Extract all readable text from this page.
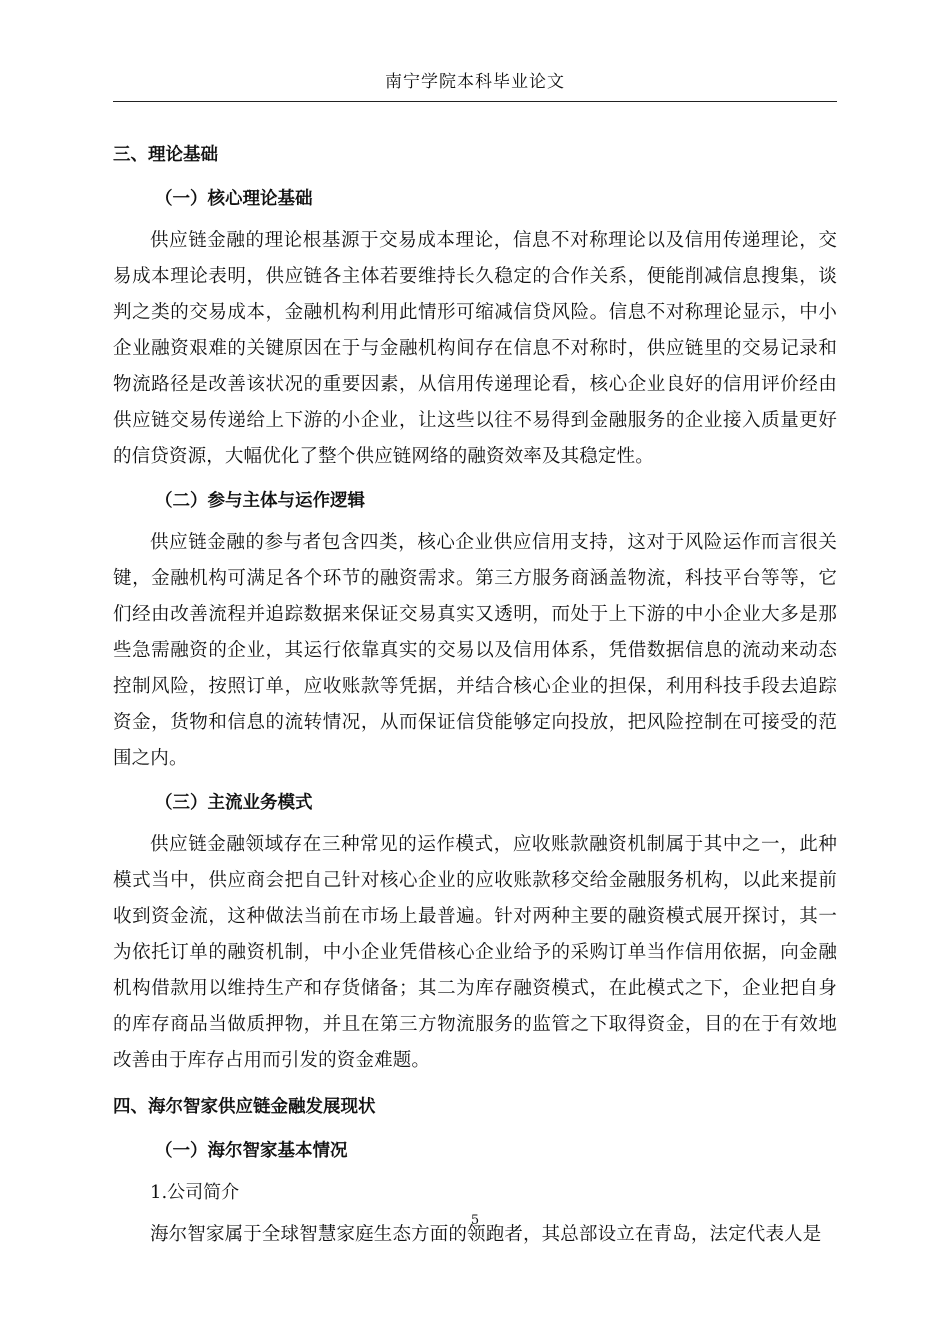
南宁学院本科毕业论文
三、理论基础
（一）核心理论基础

供应链金融的理论根基源于交易成本理论，信息不对称理论以及信用传递理论，交易成本理论表明，供应链各主体若要维持长久稳定的合作关系，便能削减信息搜集，谈判之类的交易成本，金融机构利用此情形可缩减信贷风险。信息不对称理论显示，中小企业融资艰难的关键原因在于与金融机构间存在信息不对称时，供应链里的交易记录和物流路径是改善该状况的重要因素，从信用传递理论看，核心企业良好的信用评价经由供应链交易传递给上下游的小企业，让这些以往不易得到金融服务的企业接入质量更好的信贷资源，大幅优化了整个供应链网络的融资效率及其稳定性。

（二）参与主体与运作逻辑

供应链金融的参与者包含四类，核心企业供应信用支持，这对于风险运作而言很关键，金融机构可满足各个环节的融资需求。第三方服务商涵盖物流，科技平台等等，它们经由改善流程并追踪数据来保证交易真实又透明，而处于上下游的中小企业大多是那些急需融资的企业，其运行依靠真实的交易以及信用体系，凭借数据信息的流动来动态控制风险，按照订单，应收账款等凭据，并结合核心企业的担保，利用科技手段去追踪资金，货物和信息的流转情况，从而保证信贷能够定向投放，把风险控制在可接受的范围之内。

（三）主流业务模式

供应链金融领域存在三种常见的运作模式，应收账款融资机制属于其中之一，此种模式当中，供应商会把自己针对核心企业的应收账款移交给金融服务机构，以此来提前收到资金流，这种做法当前在市场上最普遍。针对两种主要的融资模式展开探讨，其一为依托订单的融资机制，中小企业凭借核心企业给予的采购订单当作信用依据，向金融机构借款用以维持生产和存货储备；其二为库存融资模式，在此模式之下，企业把自身的库存商品当做质押物，并且在第三方物流服务的监管之下取得资金，目的在于有效地改善由于库存占用而引发的资金难题。

四、海尔智家供应链金融发展现状
（一）海尔智家基本情况
1.公司简介

海尔智家属于全球智慧家庭生态方面的领跑者，其总部设立在青岛，法定代表人是

5
